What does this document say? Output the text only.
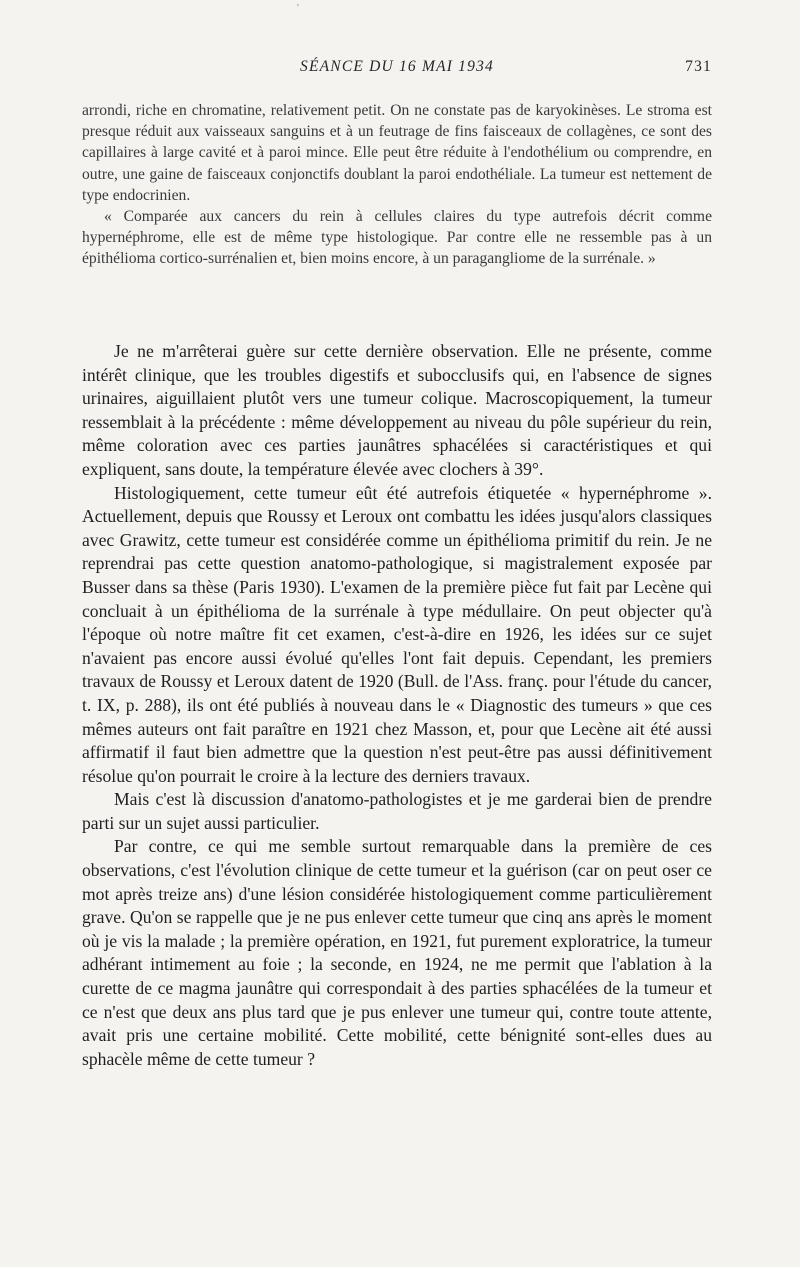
ʼ
SÉANCE DU 16 MAI 1934	731

arrondi, riche en chromatine, relativement petit. On ne constate pas de karyokinèses. Le stroma est presque réduit aux vaisseaux sanguins et à un feutrage de fins faisceaux de collagènes, ce sont des capillaires à large cavité et à paroi mince. Elle peut être réduite à l'endothélium ou comprendre, en outre, une gaine de faisceaux conjonctifs doublant la paroi endothéliale. La tumeur est nettement de type endocrinien.

« Comparée aux cancers du rein à cellules claires du type autrefois décrit comme hypernéphrome, elle est de même type histologique. Par contre elle ne ressemble pas à un épithélioma cortico-surrénalien et, bien moins encore, à un paragangliome de la surrénale. »

Je ne m'arrêterai guère sur cette dernière observation. Elle ne présente, comme intérêt clinique, que les troubles digestifs et subocclusifs qui, en l'absence de signes urinaires, aiguillaient plutôt vers une tumeur colique. Macroscopiquement, la tumeur ressemblait à la précédente : même développement au niveau du pôle supérieur du rein, même coloration avec ces parties jaunâtres sphacélées si caractéristiques et qui expliquent, sans doute, la température élevée avec clochers à 39°.

Histologiquement, cette tumeur eût été autrefois étiquetée « hypernéphrome ». Actuellement, depuis que Roussy et Leroux ont combattu les idées jusqu'alors classiques avec Grawitz, cette tumeur est considérée comme un épithélioma primitif du rein. Je ne reprendrai pas cette question anatomo-pathologique, si magistralement exposée par Busser dans sa thèse (Paris 1930). L'examen de la première pièce fut fait par Lecène qui concluait à un épithélioma de la surrénale à type médullaire. On peut objecter qu'à l'époque où notre maître fit cet examen, c'est-à-dire en 1926, les idées sur ce sujet n'avaient pas encore aussi évolué qu'elles l'ont fait depuis. Cependant, les premiers travaux de Roussy et Leroux datent de 1920 (Bull. de l'Ass. franç. pour l'étude du cancer, t. IX, p. 288), ils ont été publiés à nouveau dans le « Diagnostic des tumeurs » que ces mêmes auteurs ont fait paraître en 1921 chez Masson, et, pour que Lecène ait été aussi affirmatif il faut bien admettre que la question n'est peut-être pas aussi définitivement résolue qu'on pourrait le croire à la lecture des derniers travaux.

Mais c'est là discussion d'anatomo-pathologistes et je me garderai bien de prendre parti sur un sujet aussi particulier.

Par contre, ce qui me semble surtout remarquable dans la première de ces observations, c'est l'évolution clinique de cette tumeur et la guérison (car on peut oser ce mot après treize ans) d'une lésion considérée histologiquement comme particulièrement grave. Qu'on se rappelle que je ne pus enlever cette tumeur que cinq ans après le moment où je vis la malade ; la première opération, en 1921, fut purement exploratrice, la tumeur adhérant intimement au foie ; la seconde, en 1924, ne me permit que l'ablation à la curette de ce magma jaunâtre qui correspondait à des parties sphacélées de la tumeur et ce n'est que deux ans plus tard que je pus enlever une tumeur qui, contre toute attente, avait pris une certaine mobilité. Cette mobilité, cette bénignité sont-elles dues au sphacèle même de cette tumeur ?
